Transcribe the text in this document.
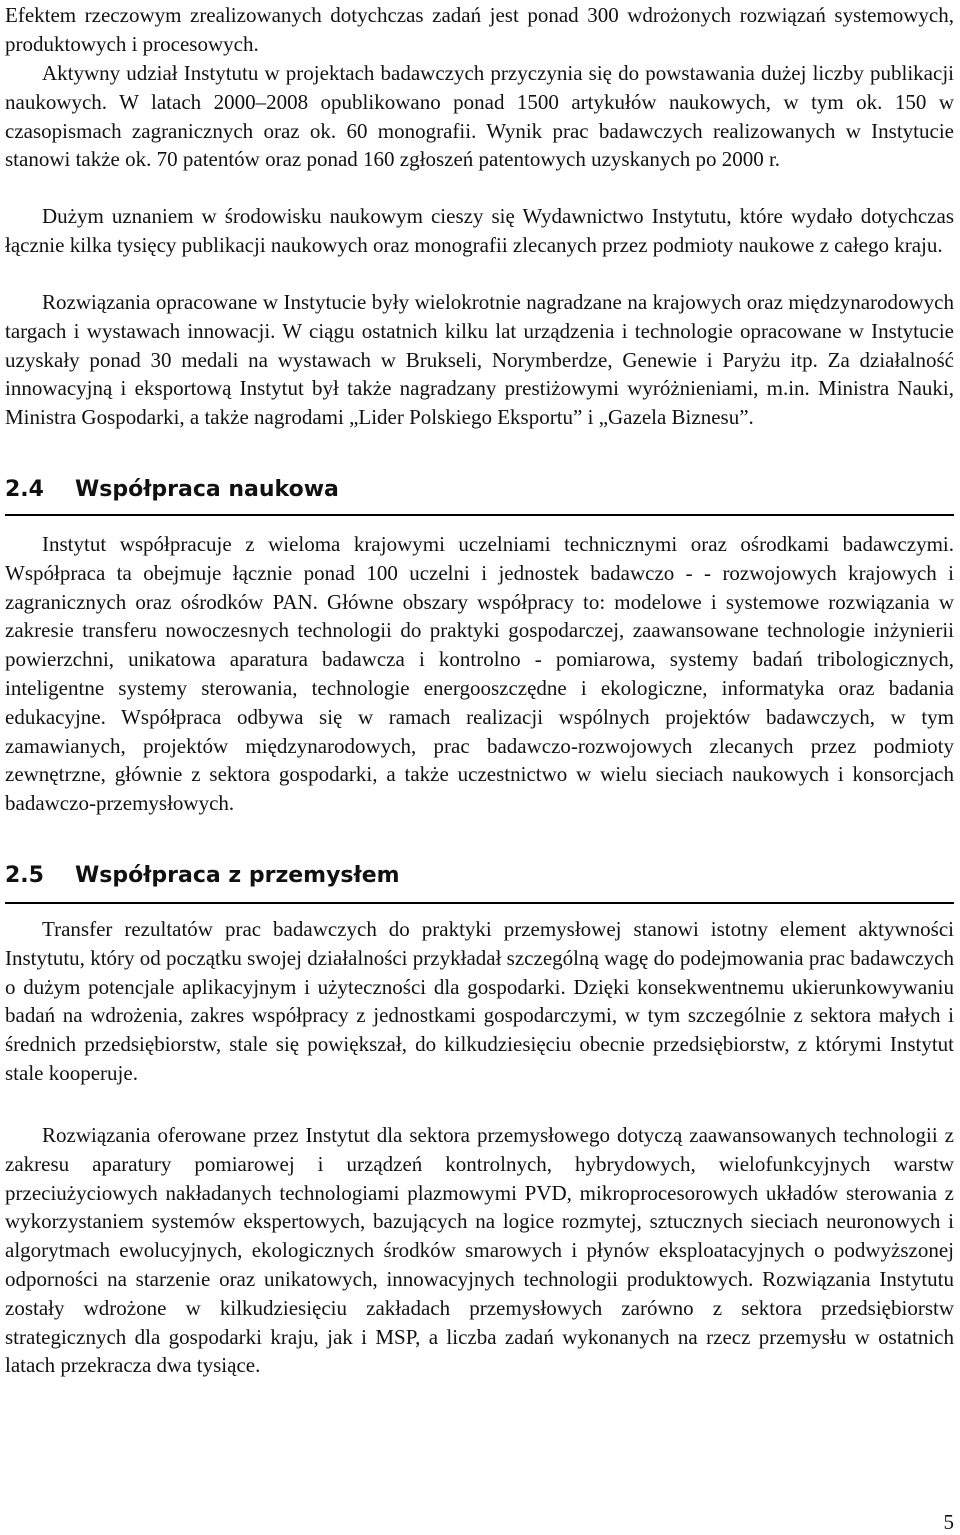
Efektem rzeczowym zrealizowanych dotychczas zadań jest ponad 300 wdrożonych rozwiązań systemowych, produktowych i procesowych.

Aktywny udział Instytutu w projektach badawczych przyczynia się do powstawania dużej liczby publikacji naukowych. W latach 2000–2008 opublikowano ponad 1500 artykułów naukowych, w tym ok. 150 w czasopismach zagranicznych oraz ok. 60 monografii. Wynik prac badawczych realizowanych w Instytucie stanowi także ok. 70 patentów oraz ponad 160 zgłoszeń patentowych uzyskanych po 2000 r.

Dużym uznaniem w środowisku naukowym cieszy się Wydawnictwo Instytutu, które wydało dotychczas łącznie kilka tysięcy publikacji naukowych oraz monografii zlecanych przez podmioty naukowe z całego kraju.

Rozwiązania opracowane w Instytucie były wielokrotnie nagradzane na krajowych oraz międzynarodowych targach i wystawach innowacji. W ciągu ostatnich kilku lat urządzenia i technologie opracowane w Instytucie uzyskały ponad 30 medali na wystawach w Brukseli, Norymberdze, Genewie i Paryżu itp. Za działalność innowacyjną i eksportową Instytut był także nagradzany prestiżowymi wyróżnieniami, m.in. Ministra Nauki, Ministra Gospodarki, a także nagrodami „Lider Polskiego Eksportu” i „Gazela Biznesu”.

2.4 Współpraca naukowa

Instytut współpracuje z wieloma krajowymi uczelniami technicznymi oraz ośrodkami badawczymi. Współpraca ta obejmuje łącznie ponad 100 uczelni i jednostek badawczo - - rozwojowych krajowych i zagranicznych oraz ośrodków PAN. Główne obszary współpracy to: modelowe i systemowe rozwiązania w zakresie transferu nowoczesnych technologii do praktyki gospodarczej, zaawansowane technologie inżynierii powierzchni, unikatowa aparatura badawcza i kontrolno - pomiarowa, systemy badań tribologicznych, inteligentne systemy sterowania, technologie energooszczędne i ekologiczne, informatyka oraz badania edukacyjne. Współpraca odbywa się w ramach realizacji wspólnych projektów badawczych, w tym zamawianych, projektów międzynarodowych, prac badawczo-rozwojowych zlecanych przez podmioty zewnętrzne, głównie z sektora gospodarki, a także uczestnictwo w wielu sieciach naukowych i konsorcjach badawczo-przemysłowych.

2.5 Współpraca z przemysłem

Transfer rezultatów prac badawczych do praktyki przemysłowej stanowi istotny element aktywności Instytutu, który od początku swojej działalności przykładał szczególną wagę do podejmowania prac badawczych o dużym potencjale aplikacyjnym i użyteczności dla gospodarki. Dzięki konsekwentnemu ukierunkowywaniu badań na wdrożenia, zakres współpracy z jednostkami gospodarczymi, w tym szczególnie z sektora małych i średnich przedsiębiorstw, stale się powiększał, do kilkudziesięciu obecnie przedsiębiorstw, z którymi Instytut stale kooperuje.

Rozwiązania oferowane przez Instytut dla sektora przemysłowego dotyczą zaawansowanych technologii z zakresu aparatury pomiarowej i urządzeń kontrolnych, hybrydowych, wielofunkcyjnych warstw przeciużyciowych nakładanych technologiami plazmowymi PVD, mikroprocesorowych układów sterowania z wykorzystaniem systemów ekspertowych, bazujących na logice rozmytej, sztucznych sieciach neuronowych i algorytmach ewolucyjnych, ekologicznych środków smarowych i płynów eksploatacyjnych o podwyższonej odporności na starzenie oraz unikatowych, innowacyjnych technologii produktowych. Rozwiązania Instytutu zostały wdrożone w kilkudziesięciu zakładach przemysłowych zarówno z sektora przedsiębiorstw strategicznych dla gospodarki kraju, jak i MSP, a liczba zadań wykonanych na rzecz przemysłu w ostatnich latach przekracza dwa tysiące.

5
